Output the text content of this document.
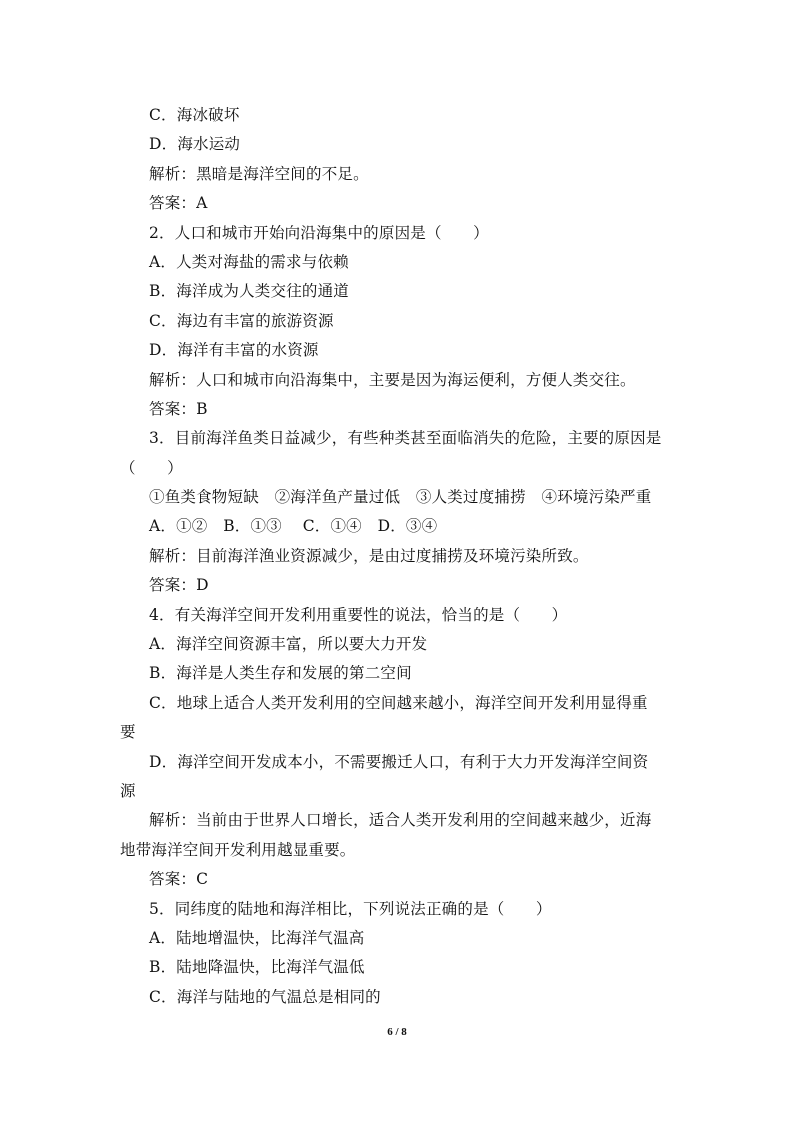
C．海冰破坏
D．海水运动
解析：黑暗是海洋空间的不足。
答案：A
2．人口和城市开始向沿海集中的原因是（　　）
A．人类对海盐的需求与依赖
B．海洋成为人类交往的通道
C．海边有丰富的旅游资源
D．海洋有丰富的水资源
解析：人口和城市向沿海集中，主要是因为海运便利，方便人类交往。
答案：B
3．目前海洋鱼类日益减少，有些种类甚至面临消失的危险，主要的原因是
（　　）
①鱼类食物短缺　②海洋鱼产量过低　③人类过度捕捞　④环境污染严重
A．①②　B．①③　 C．①④　D．③④
解析：目前海洋渔业资源减少，是由过度捕捞及环境污染所致。
答案：D
4．有关海洋空间开发利用重要性的说法，恰当的是（　　）
A．海洋空间资源丰富，所以要大力开发
B．海洋是人类生存和发展的第二空间
C．地球上适合人类开发利用的空间越来越小，海洋空间开发利用显得重
要
D．海洋空间开发成本小，不需要搬迁人口，有利于大力开发海洋空间资
源
解析：当前由于世界人口增长，适合人类开发利用的空间越来越少，近海
地带海洋空间开发利用越显重要。
答案：C
5．同纬度的陆地和海洋相比，下列说法正确的是（　　）
A．陆地增温快，比海洋气温高
B．陆地降温快，比海洋气温低
C．海洋与陆地的气温总是相同的
6 / 8
